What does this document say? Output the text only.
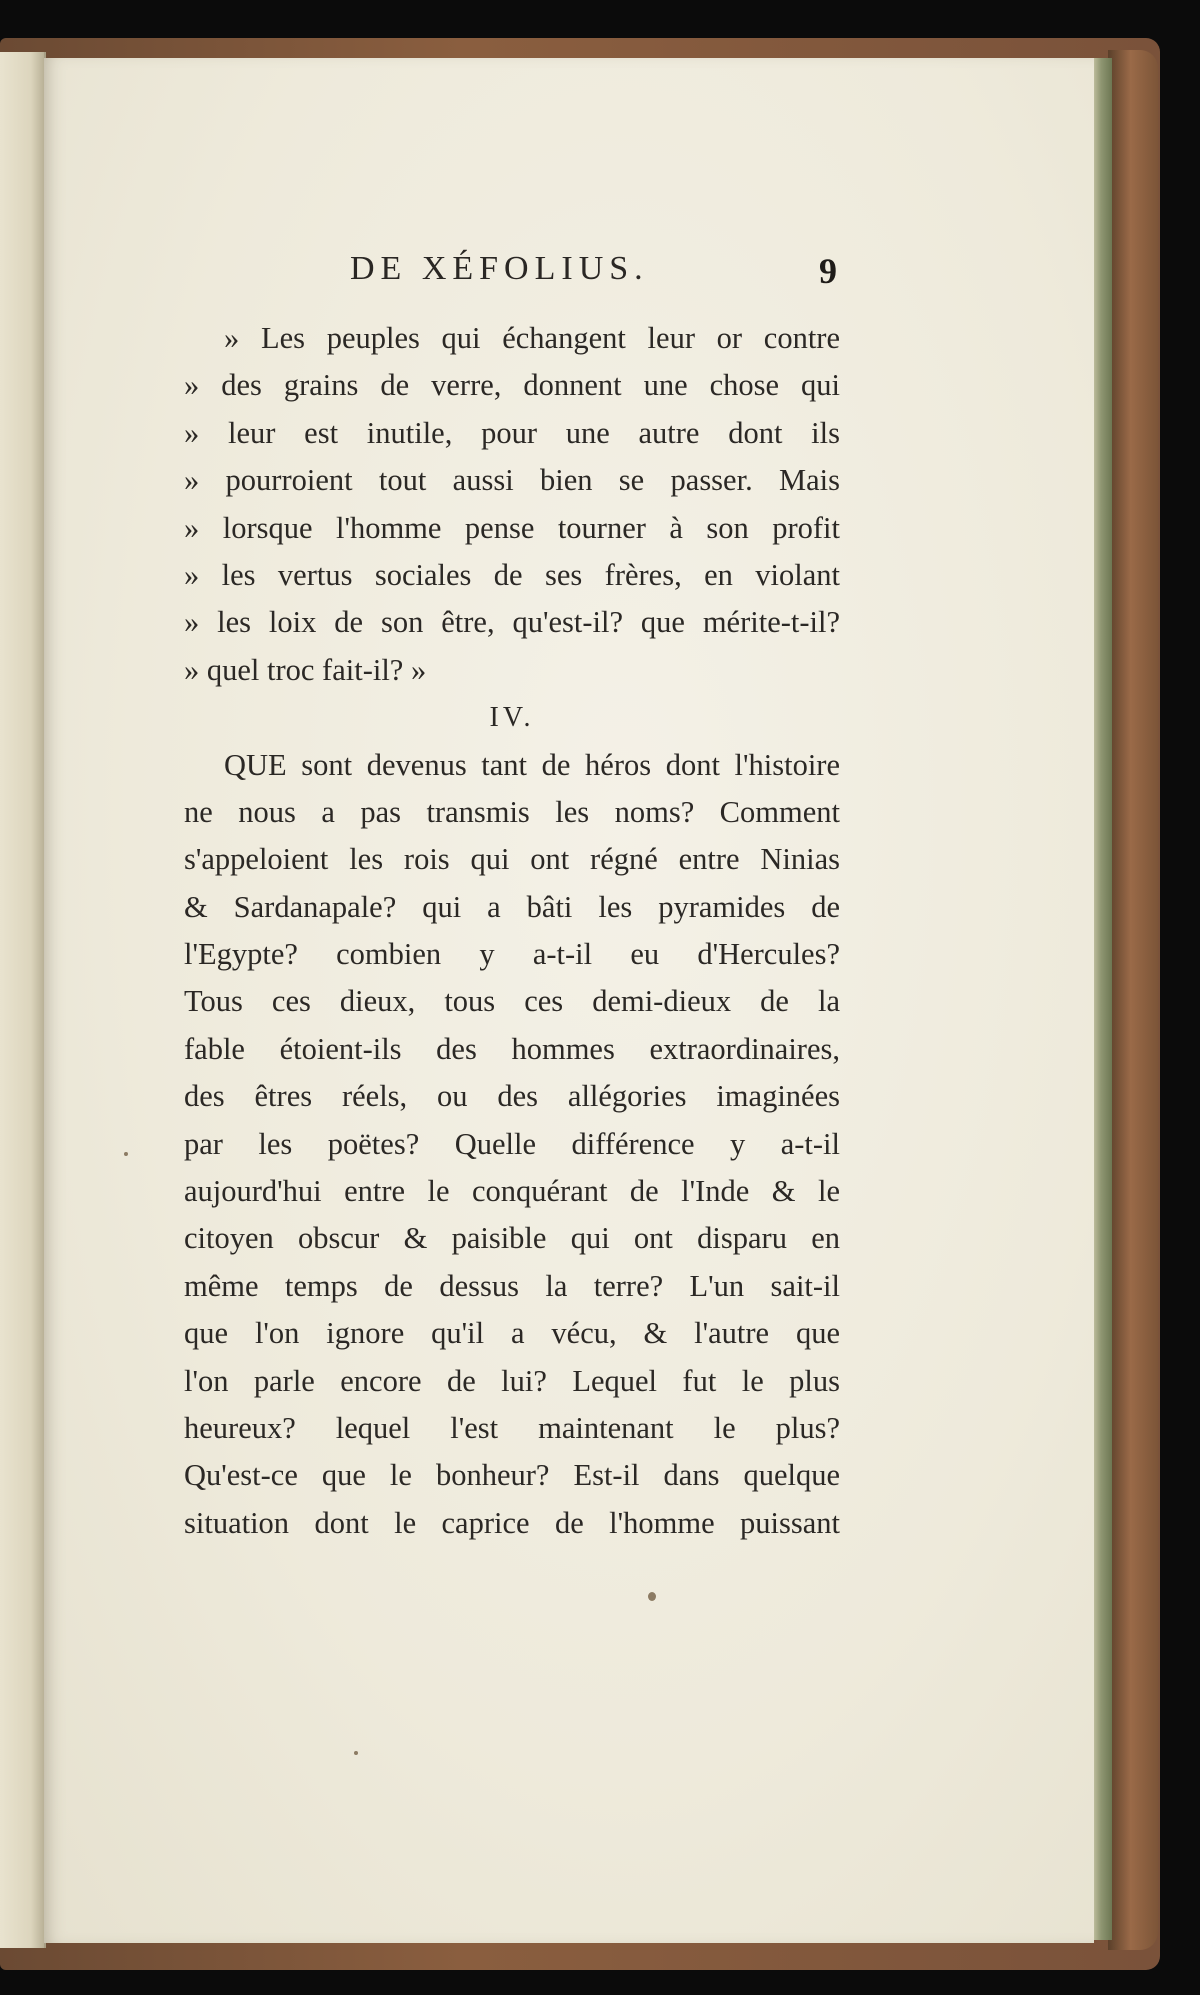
DE XÉFOLIUS.	9
» Les peuples qui échangent leur or contre
» des grains de verre, donnent une chose qui
» leur est inutile, pour une autre dont ils
» pourroient tout aussi bien se passer. Mais
» lorsque l'homme pense tourner à son profit
» les vertus sociales de ses frères, en violant
» les loix de son être, qu'est-il? que mérite-t-il?
» quel troc fait-il? »
IV.
QUE sont devenus tant de héros dont l'histoire
ne nous a pas transmis les noms? Comment
s'appeloient les rois qui ont régné entre Ninias
& Sardanapale? qui a bâti les pyramides de
l'Egypte? combien y a-t-il eu d'Hercules?
Tous ces dieux, tous ces demi-dieux de la
fable étoient-ils des hommes extraordinaires,
des êtres réels, ou des allégories imaginées
par les poëtes? Quelle différence y a-t-il
aujourd'hui entre le conquérant de l'Inde & le
citoyen obscur & paisible qui ont disparu en
même temps de dessus la terre? L'un sait-il
que l'on ignore qu'il a vécu, & l'autre que
l'on parle encore de lui? Lequel fut le plus
heureux? lequel l'est maintenant le plus?
Qu'est-ce que le bonheur? Est-il dans quelque
situation dont le caprice de l'homme puissant
